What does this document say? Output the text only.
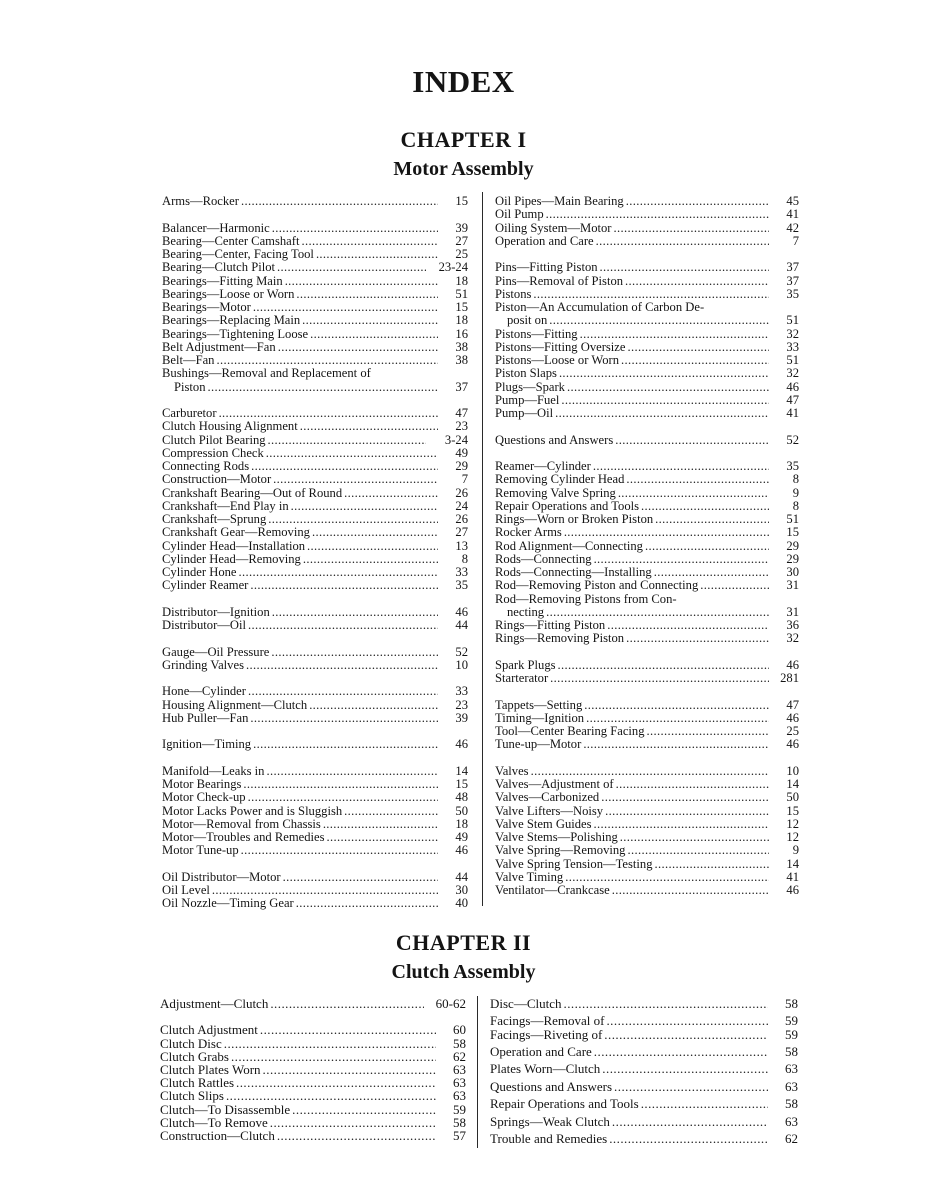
INDEX
CHAPTER I
Motor Assembly
Arms—Rocker . . .	15
Balancer—Harmonic . . .	39
Bearing—Center Camshaft . . .	27
Bearing—Center, Facing Tool . . .	25
Bearing—Clutch Pilot . . .	23-24
Bearings—Fitting Main . . .	18
Bearings—Loose or Worn . . .	51
Bearings—Motor . . .	15
Bearings—Replacing Main . . .	18
Bearings—Tightening Loose . . .	16
Belt Adjustment—Fan . . .	38
Belt—Fan . . .	38
Bushings—Removal and Replacement of
Piston . . .	37
Carburetor . . .	47
Clutch Housing Alignment . . .	23
Clutch Pilot Bearing . . .	3-24
Compression Check . . .	49
Connecting Rods . . .	29
Construction—Motor . . .	7
Crankshaft Bearing—Out of Round . . .	26
Crankshaft—End Play in . . .	24
Crankshaft—Sprung . . .	26
Crankshaft Gear—Removing . . .	27
Cylinder Head—Installation . . .	13
Cylinder Head—Removing . . .	8
Cylinder Hone . . .	33
Cylinder Reamer . . .	35
Distributor—Ignition . . .	46
Distributor—Oil . . .	44
Gauge—Oil Pressure . . .	52
Grinding Valves . . .	10
Hone—Cylinder . . .	33
Housing Alignment—Clutch . . .	23
Hub Puller—Fan . . .	39
Ignition—Timing . . .	46
Manifold—Leaks in . . .	14
Motor Bearings . . .	15
Motor Check-up . . .	48
Motor Lacks Power and is Sluggish . . .	50
Motor—Removal from Chassis . . .	18
Motor—Troubles and Remedies . . .	49
Motor Tune-up . . .	46
Oil Distributor—Motor . . .	44
Oil Level . . .	30
Oil Nozzle—Timing Gear . . .	40
Oil Pipes—Main Bearing . . .	45
Oil Pump . . .	41
Oiling System—Motor . . .	42
Operation and Care . . .	7
Pins—Fitting Piston . . .	37
Pins—Removal of Piston . . .	37
Pistons . . .	35
Piston—An Accumulation of Carbon De-
posit on . . .	51
Pistons—Fitting . . .	32
Pistons—Fitting Oversize . . .	33
Pistons—Loose or Worn . . .	51
Piston Slaps . . .	32
Plugs—Spark . . .	46
Pump—Fuel . . .	47
Pump—Oil . . .	41
Questions and Answers . . .	52
Reamer—Cylinder . . .	35
Removing Cylinder Head . . .	8
Removing Valve Spring . . .	9
Repair Operations and Tools . . .	8
Rings—Worn or Broken Piston . . .	51
Rocker Arms . . .	15
Rod Alignment—Connecting . . .	29
Rods—Connecting . . .	29
Rods—Connecting—Installing . . .	30
Rod—Removing Piston and Connecting . . .	31
Rod—Removing Pistons from Con-
necting . . .	31
Rings—Fitting Piston . . .	36
Rings—Removing Piston . . .	32
Spark Plugs . . .	46
Starterator . . .	281
Tappets—Setting . . .	47
Timing—Ignition . . .	46
Tool—Center Bearing Facing . . .	25
Tune-up—Motor . . .	46
Valves . . .	10
Valves—Adjustment of . . .	14
Valves—Carbonized . . .	50
Valve Lifters—Noisy . . .	15
Valve Stem Guides . . .	12
Valve Stems—Polishing . . .	12
Valve Spring—Removing . . .	9
Valve Spring Tension—Testing . . .	14
Valve Timing . . .	41
Ventilator—Crankcase . . .	46
CHAPTER II
Clutch Assembly
Adjustment—Clutch . . .	60-62
Clutch Adjustment . . .	60
Clutch Disc . . .	58
Clutch Grabs . . .	62
Clutch Plates Worn . . .	63
Clutch Rattles . . .	63
Clutch Slips . . .	63
Clutch—To Disassemble . . .	59
Clutch—To Remove . . .	58
Construction—Clutch . . .	57
Disc—Clutch . . .	58
Facings—Removal of . . .	59
Facings—Riveting of . . .	59
Operation and Care . . .	58
Plates Worn—Clutch . . .	63
Questions and Answers . . .	63
Repair Operations and Tools . . .	58
Springs—Weak Clutch . . .	63
Trouble and Remedies . . .	62
